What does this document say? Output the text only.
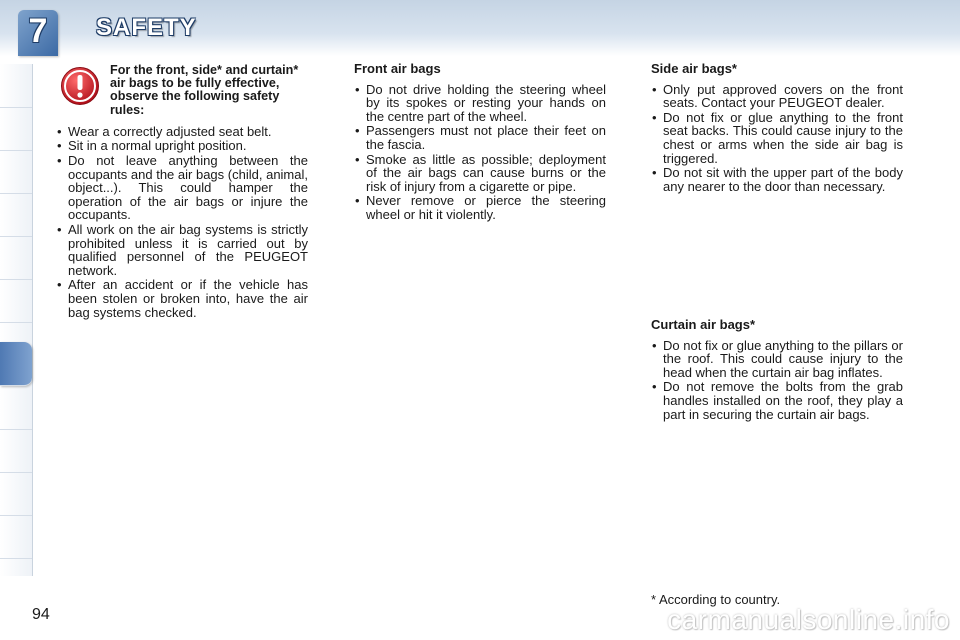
7	SAFETY
For the front, side* and curtain* air bags to be fully effective, observe the following safety rules:
• Wear a correctly adjusted seat belt.
• Sit in a normal upright position.
• Do not leave anything between the occupants and the air bags (child, animal, object...). This could hamper the operation of the air bags or injure the occupants.
• All work on the air bag systems is strictly prohibited unless it is carried out by qualified personnel of the PEUGEOT network.
• After an accident or if the vehicle has been stolen or broken into, have the air bag systems checked.
Front air bags
• Do not drive holding the steering wheel by its spokes or resting your hands on the centre part of the wheel.
• Passengers must not place their feet on the fascia.
• Smoke as little as possible; deployment of the air bags can cause burns or the risk of injury from a cigarette or pipe.
• Never remove or pierce the steering wheel or hit it violently.
Side air bags*
• Only put approved covers on the front seats. Contact your PEUGEOT dealer.
• Do not fix or glue anything to the front seat backs. This could cause injury to the chest or arms when the side air bag is triggered.
• Do not sit with the upper part of the body any nearer to the door than necessary.
Curtain air bags*
• Do not fix or glue anything to the pillars or the roof. This could cause injury to the head when the curtain air bag inflates.
• Do not remove the bolts from the grab handles installed on the roof, they play a part in securing the curtain air bags.
* According to country.
94	carmanualsonline.info
